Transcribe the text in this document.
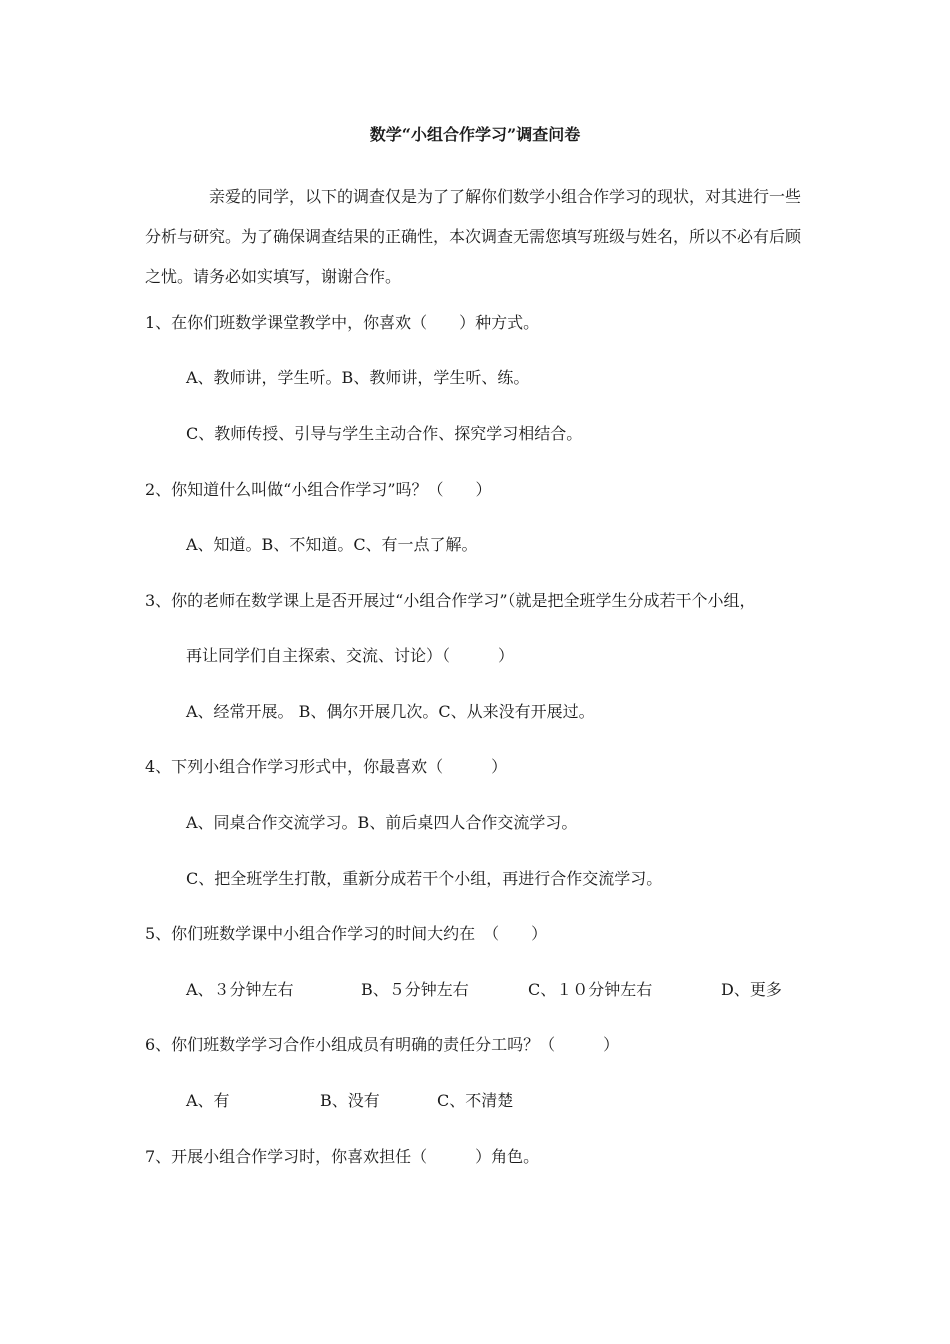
数学“小组合作学习”调查问卷
亲爱的同学，以下的调查仅是为了了解你们数学小组合作学习的现状，对其进行一些分析与研究。为了确保调查结果的正确性，本次调查无需您填写班级与姓名，所以不必有后顾之忧。请务必如实填写，谢谢合作。
1、在你们班数学课堂教学中，你喜欢（　　）种方式。
A、教师讲，学生听。B、教师讲，学生听、练。
C、教师传授、引导与学生主动合作、探究学习相结合。
2、你知道什么叫做“小组合作学习”吗？（　　）
A、知道。B、不知道。C、有一点了解。
3、你的老师在数学课上是否开展过“小组合作学习”（就是把全班学生分成若干个小组，
再让同学们自主探索、交流、讨论）（　　　）
A、经常开展。 B、偶尔开展几次。C、从来没有开展过。
4、下列小组合作学习形式中，你最喜欢（　　　）
A、同桌合作交流学习。B、前后桌四人合作交流学习。
C、把全班学生打散，重新分成若干个小组，再进行合作交流学习。
5、你们班数学课中小组合作学习的时间大约在　（　　）
A、３分钟左右	B、５分钟左右	C、１０分钟左右	D、更多
6、你们班数学学习合作小组成员有明确的责任分工吗？（　　　）
A、有	B、没有	C、不清楚
7、开展小组合作学习时，你喜欢担任（　　　）角色。
